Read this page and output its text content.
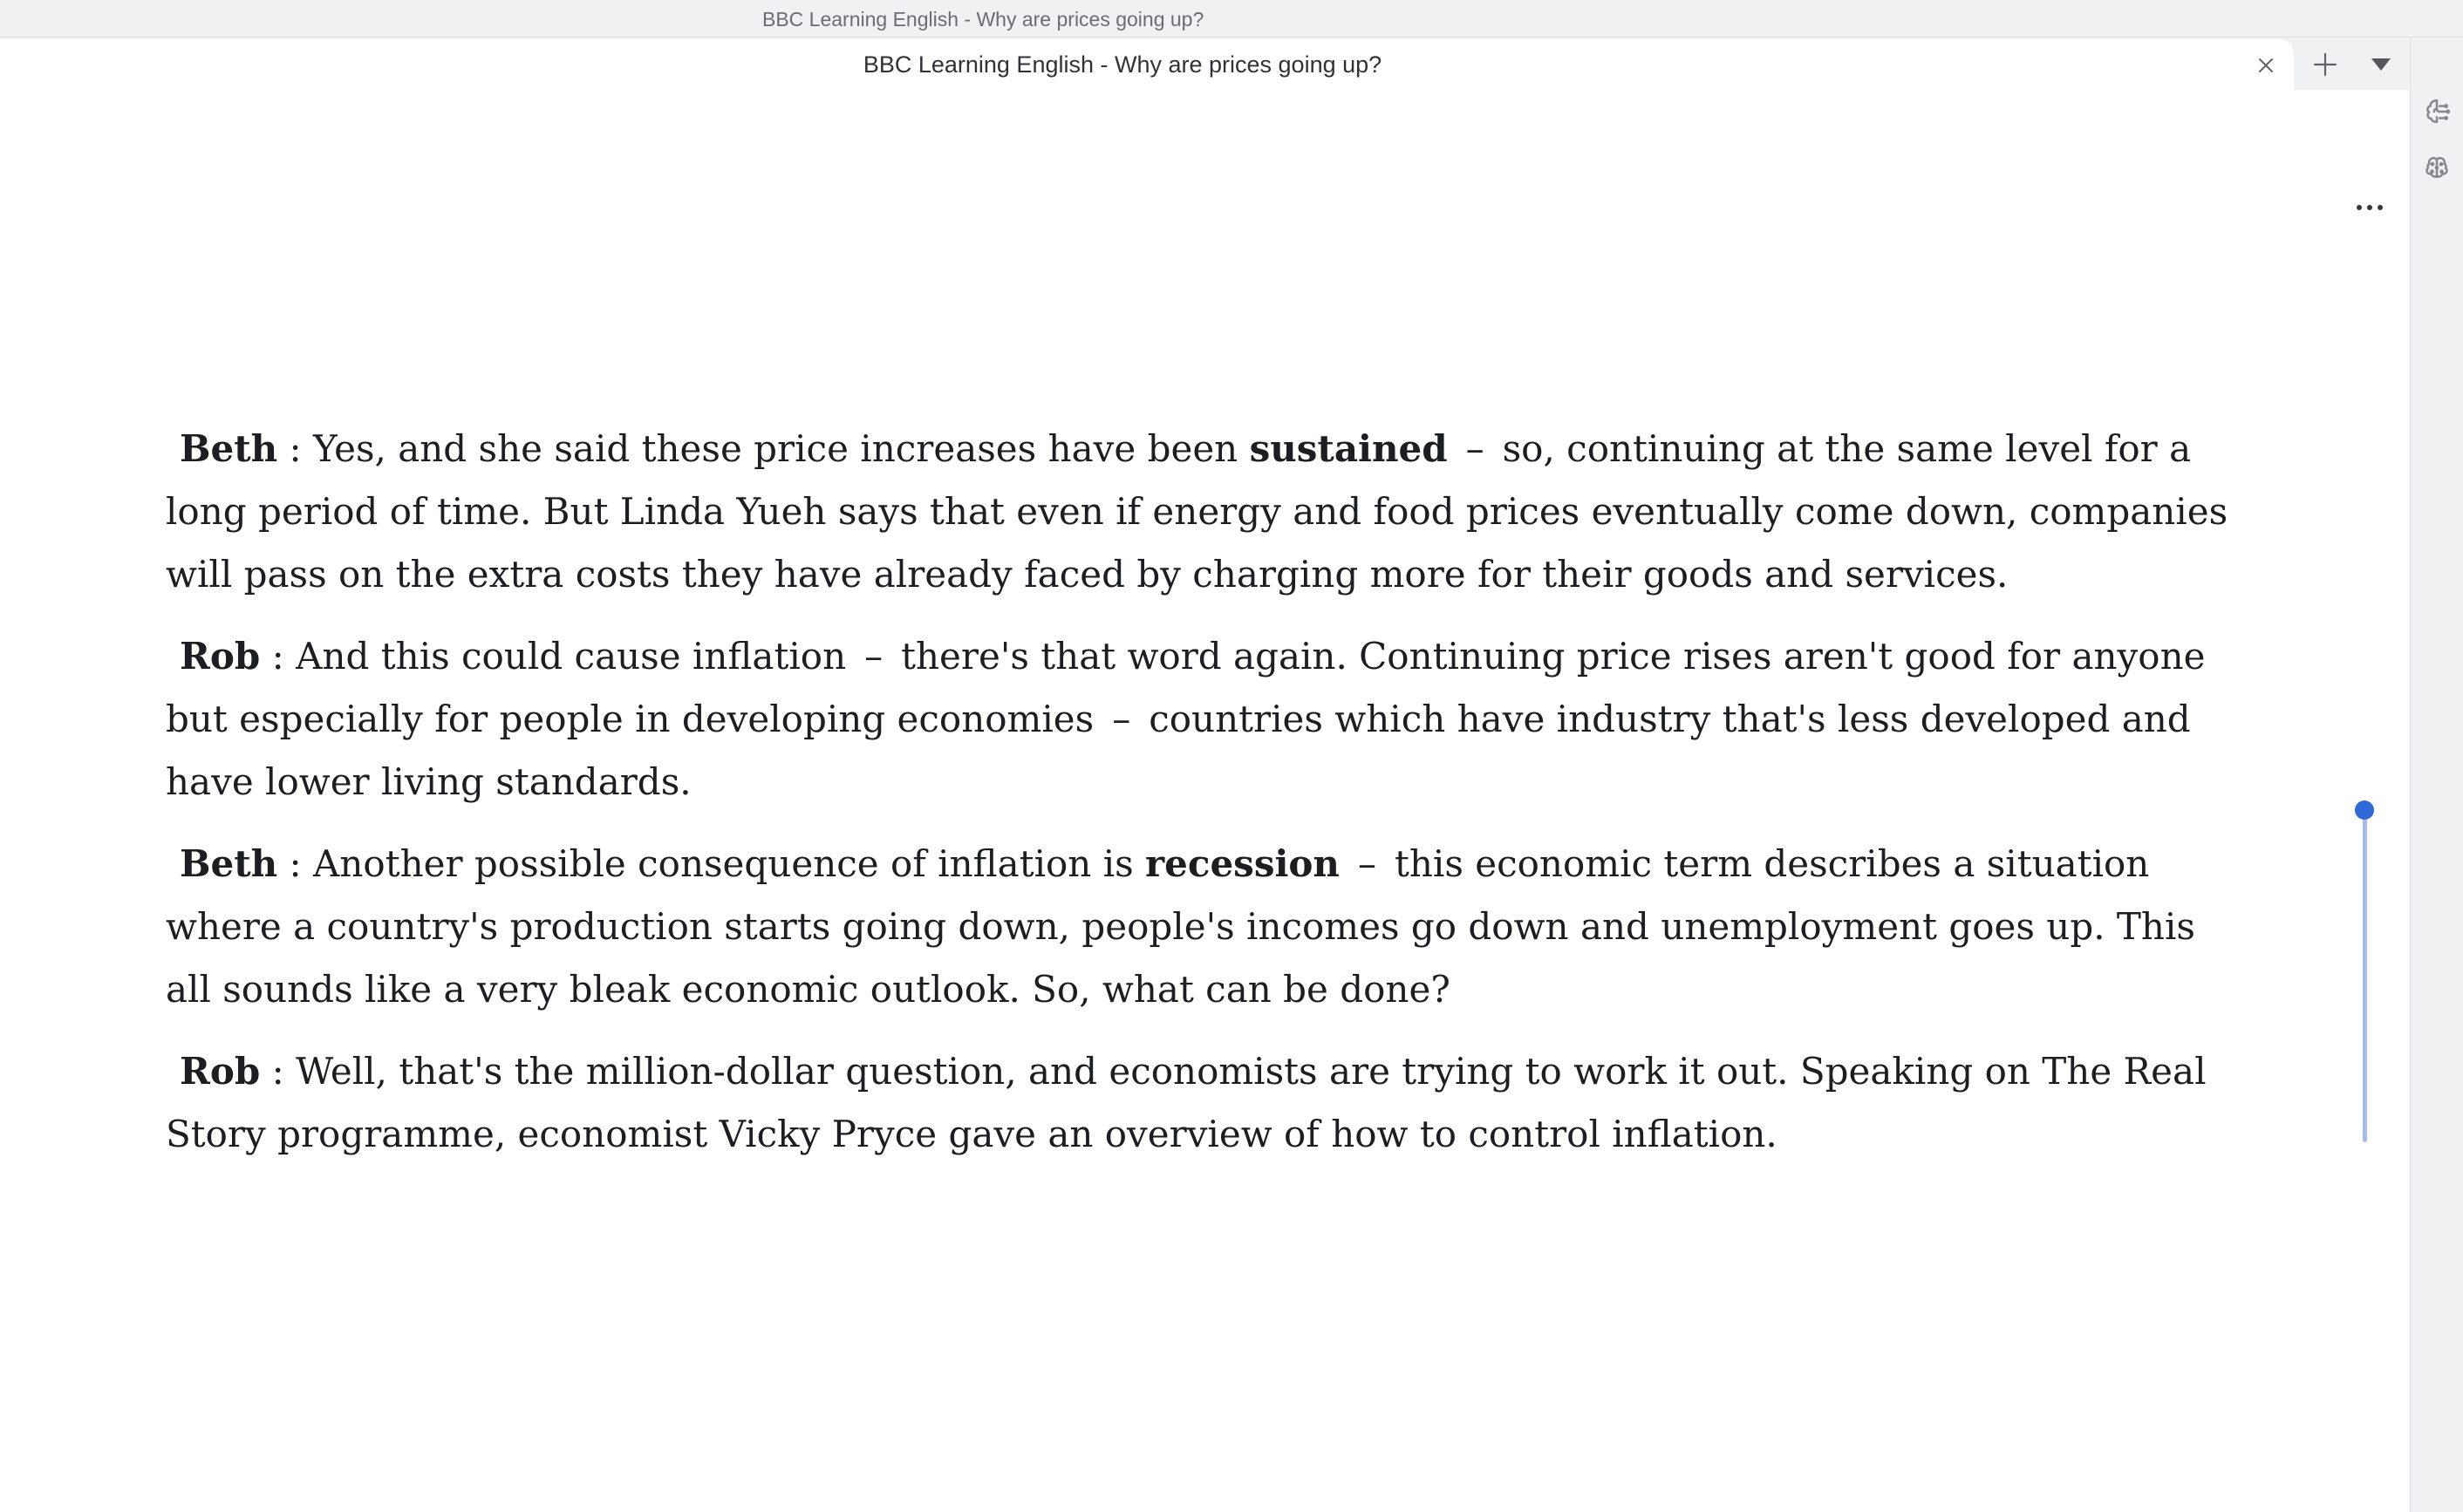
BBC Learning English - Why are prices going up?
BBC Learning English - Why are prices going up?

Beth : Yes, and she said these price increases have been sustained – so, continuing at the same level for a long period of time. But Linda Yueh says that even if energy and food prices eventually come down, companies will pass on the extra costs they have already faced by charging more for their goods and services.

Rob : And this could cause inflation – there's that word again. Continuing price rises aren't good for anyone but especially for people in developing economies – countries which have industry that's less developed and have lower living standards.

Beth : Another possible consequence of inflation is recession – this economic term describes a situation where a country's production starts going down, people's incomes go down and unemployment goes up. This all sounds like a very bleak economic outlook. So, what can be done?

Rob : Well, that's the million-dollar question, and economists are trying to work it out. Speaking on The Real Story programme, economist Vicky Pryce gave an overview of how to control inflation.
